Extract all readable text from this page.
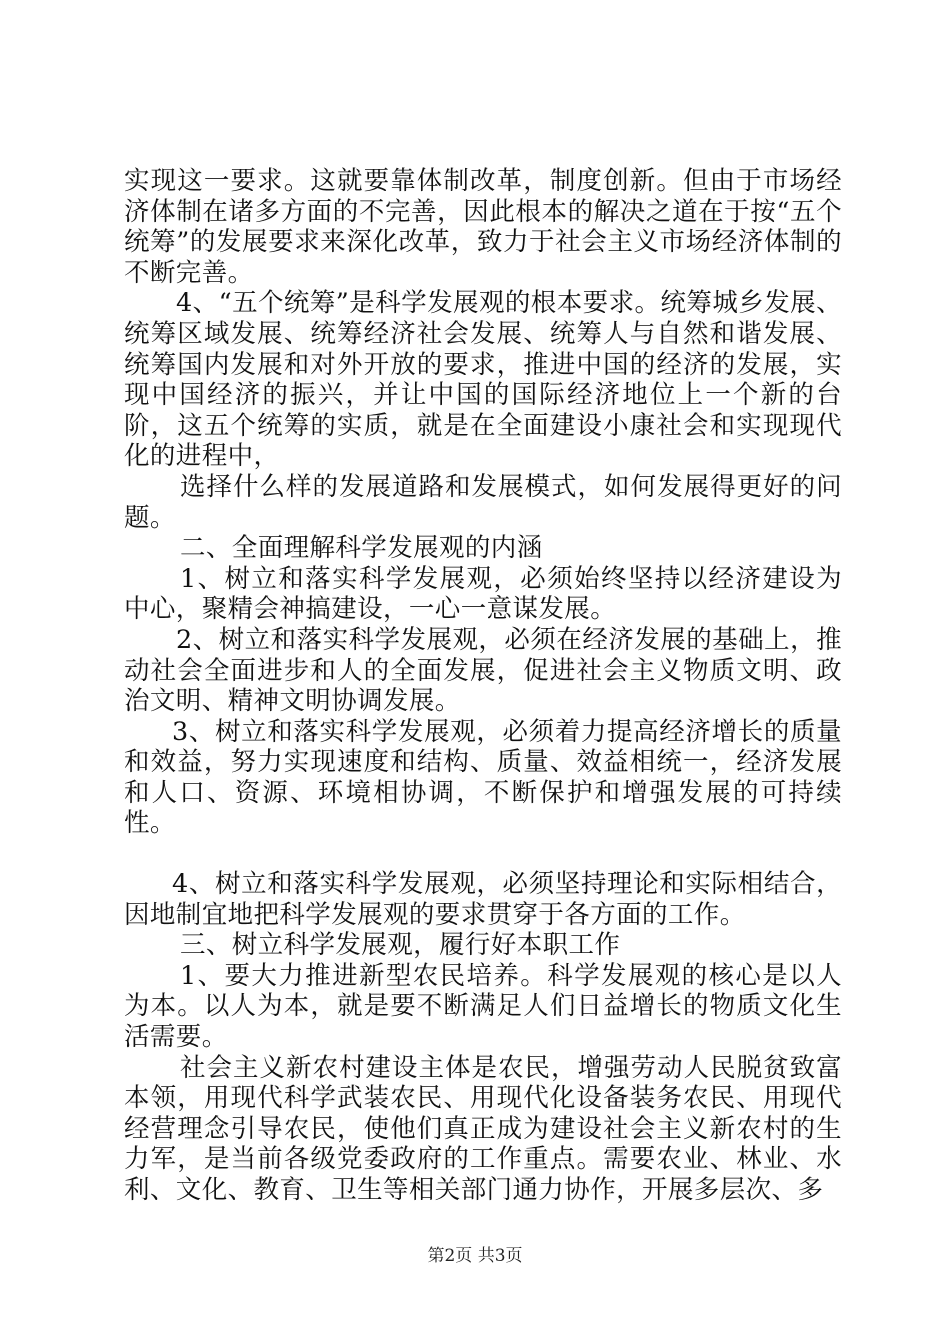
实现这一要求。这就要靠体制改革，制度创新。但由于市场经济体制在诸多方面的不完善，因此根本的解决之道在于按“五个统筹”的发展要求来深化改革，致力于社会主义市场经济体制的不断完善。

4、“五个统筹”是科学发展观的根本要求。统筹城乡发展、统筹区域发展、统筹经济社会发展、统筹人与自然和谐发展、统筹国内发展和对外开放的要求，推进中国的经济的发展，实现中国经济的振兴，并让中国的国际经济地位上一个新的台阶，这五个统筹的实质，就是在全面建设小康社会和实现现代化的进程中，

选择什么样的发展道路和发展模式，如何发展得更好的问题。

二、全面理解科学发展观的内涵

1、树立和落实科学发展观，必须始终坚持以经济建设为中心，聚精会神搞建设，一心一意谋发展。

2、树立和落实科学发展观，必须在经济发展的基础上，推动社会全面进步和人的全面发展，促进社会主义物质文明、政治文明、精神文明协调发展。

3、树立和落实科学发展观，必须着力提高经济增长的质量和效益，努力实现速度和结构、质量、效益相统一，经济发展和人口、资源、环境相协调，不断保护和增强发展的可持续性。

4、树立和落实科学发展观，必须坚持理论和实际相结合，因地制宜地把科学发展观的要求贯穿于各方面的工作。

三、树立科学发展观，履行好本职工作

1、要大力推进新型农民培养。科学发展观的核心是以人为本。以人为本，就是要不断满足人们日益增长的物质文化生活需要。

社会主义新农村建设主体是农民，增强劳动人民脱贫致富本领，用现代科学武装农民、用现代化设备装务农民、用现代经营理念引导农民，使他们真正成为建设社会主义新农村的生力军，是当前各级党委政府的工作重点。需要农业、林业、水利、文化、教育、卫生等相关部门通力协作，开展多层次、多

第2页 共3页
